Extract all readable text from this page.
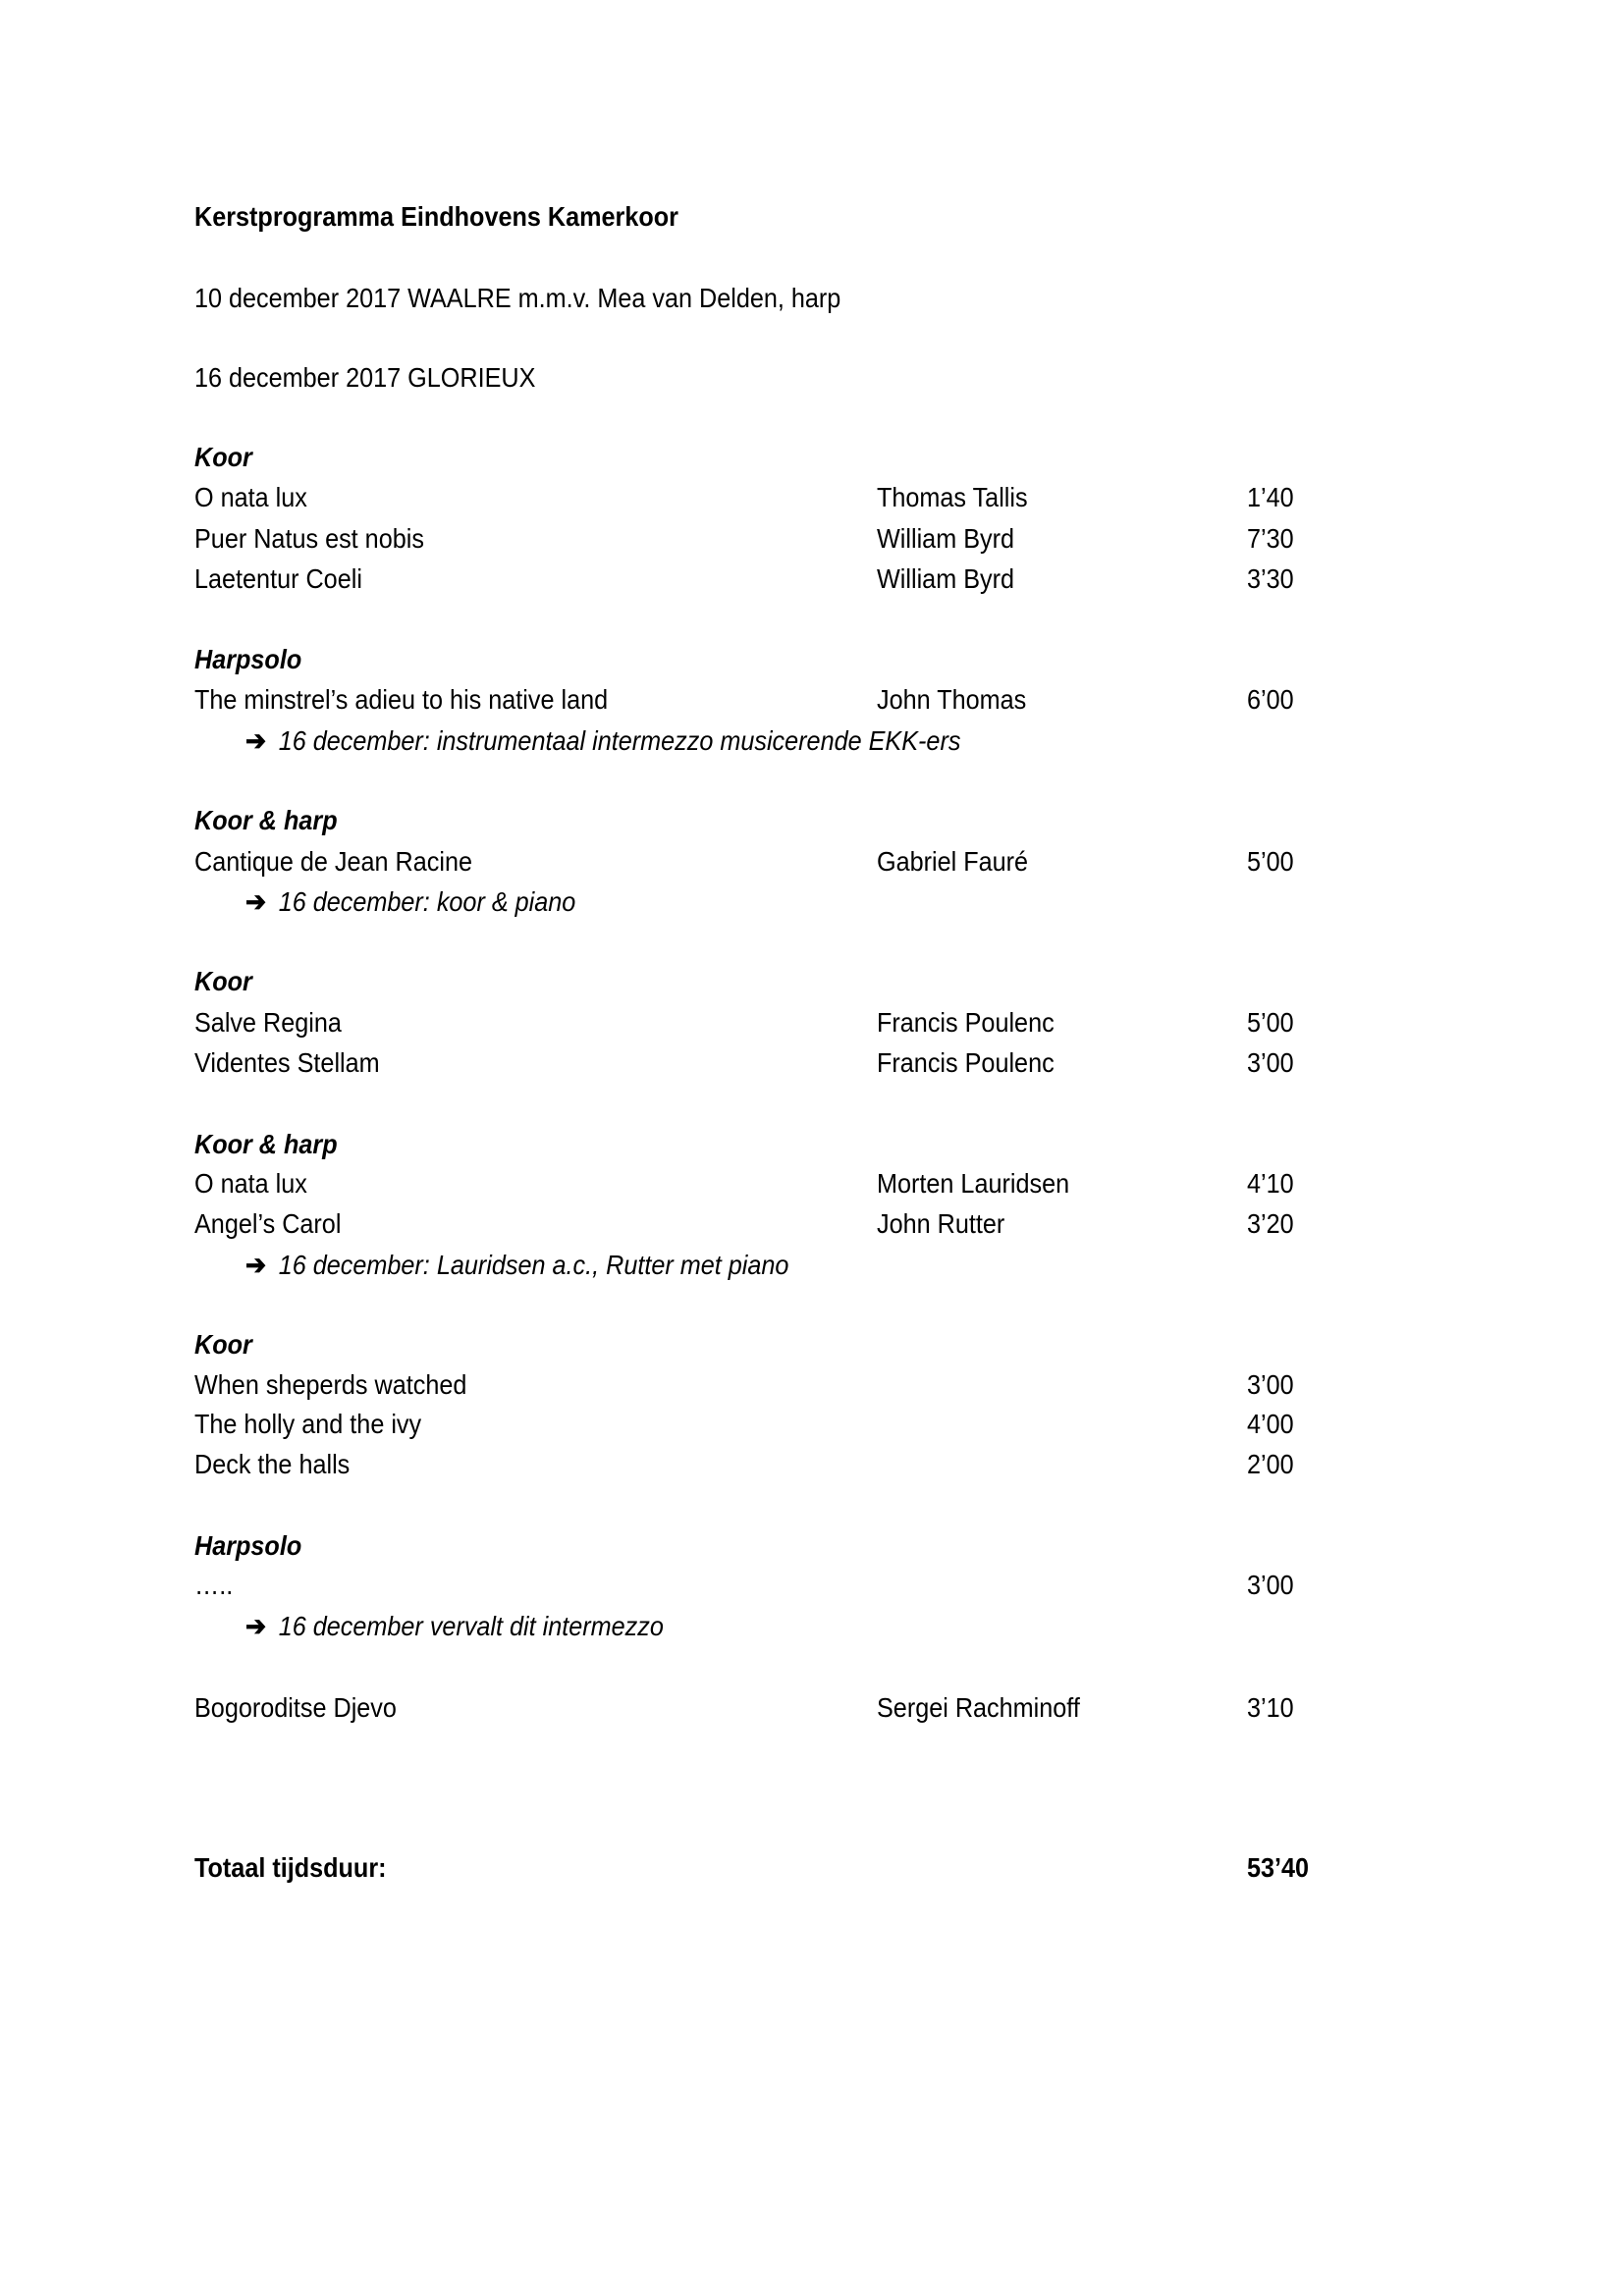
Kerstprogramma Eindhovens Kamerkoor
10 december 2017 WAALRE m.m.v. Mea van Delden, harp
16 december 2017 GLORIEUX
Koor
O nata lux	Thomas Tallis	1’40
Puer Natus est nobis	William Byrd	7’30
Laetentur Coeli	William Byrd	3’30
Harpsolo
The minstrel’s adieu to his native land	John Thomas	6’00
➔ 16 december: instrumentaal intermezzo musicerende EKK-ers
Koor & harp
Cantique de Jean Racine	Gabriel Fauré	5’00
➔ 16 december: koor & piano
Koor
Salve Regina	Francis Poulenc	5’00
Videntes Stellam	Francis Poulenc	3’00
Koor & harp
O nata lux	Morten Lauridsen	4’10
Angel’s Carol	John Rutter	3’20
➔ 16 december: Lauridsen a.c., Rutter met piano
Koor
When sheperds watched	3’00
The holly and the ivy	4’00
Deck the halls	2’00
Harpsolo
…..	3’00
➔ 16 december vervalt dit intermezzo
Bogoroditse Djevo	Sergei Rachminoff	3’10
Totaal tijdsduur:	53’40
